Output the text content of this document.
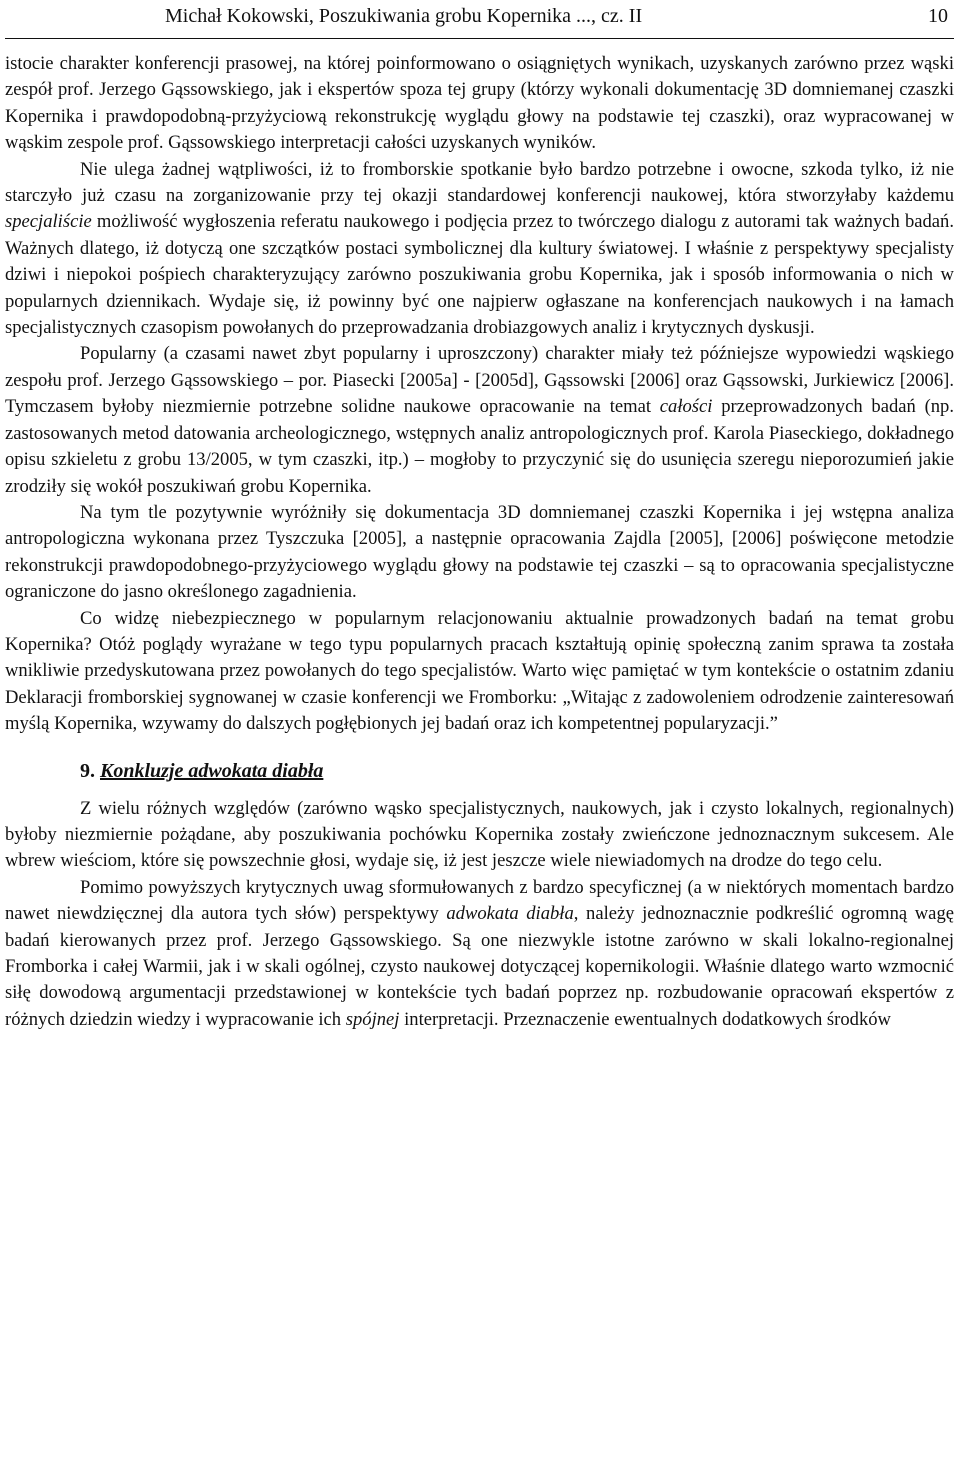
Michał Kokowski, Poszukiwania grobu Kopernika ..., cz. II	10

istocie charakter konferencji prasowej, na której poinformowano o osiągniętych wynikach, uzyskanych zarówno przez wąski zespół prof. Jerzego Gąssowskiego, jak i ekspertów spoza tej grupy (którzy wykonali dokumentację 3D domniemanej czaszki Kopernika i prawdopodobną-przyżyciową rekonstrukcję wyglądu głowy na podstawie tej czaszki), oraz wypracowanej w wąskim zespole prof. Gąssowskiego interpretacji całości uzyskanych wyników.

Nie ulega żadnej wątpliwości, iż to fromborskie spotkanie było bardzo potrzebne i owocne, szkoda tylko, iż nie starczyło już czasu na zorganizowanie przy tej okazji standardowej konferencji naukowej, która stworzyłaby każdemu specjaliście możliwość wygłoszenia referatu naukowego i podjęcia przez to twórczego dialogu z autorami tak ważnych badań. Ważnych dlatego, iż dotyczą one szczątków postaci symbolicznej dla kultury światowej. I właśnie z perspektywy specjalisty dziwi i niepokoi pośpiech charakteryzujący zarówno poszukiwania grobu Kopernika, jak i sposób informowania o nich w popularnych dziennikach. Wydaje się, iż powinny być one najpierw ogłaszane na konferencjach naukowych i na łamach specjalistycznych czasopism powołanych do przeprowadzania drobiazgowych analiz i krytycznych dyskusji.

Popularny (a czasami nawet zbyt popularny i uproszczony) charakter miały też późniejsze wypowiedzi wąskiego zespołu prof. Jerzego Gąssowskiego – por. Piasecki [2005a] - [2005d], Gąssowski [2006] oraz Gąssowski, Jurkiewicz [2006]. Tymczasem byłoby niezmiernie potrzebne solidne naukowe opracowanie na temat całości przeprowadzonych badań (np. zastosowanych metod datowania archeologicznego, wstępnych analiz antropologicznych prof. Karola Piaseckiego, dokładnego opisu szkieletu z grobu 13/2005, w tym czaszki, itp.) – mogłoby to przyczynić się do usunięcia szeregu nieporozumień jakie zrodziły się wokół poszukiwań grobu Kopernika.

Na tym tle pozytywnie wyróżniły się dokumentacja 3D domniemanej czaszki Kopernika i jej wstępna analiza antropologiczna wykonana przez Tyszczuka [2005], a następnie opracowania Zajdla [2005], [2006] poświęcone metodzie rekonstrukcji prawdopodobnego-przyżyciowego wyglądu głowy na podstawie tej czaszki – są to opracowania specjalistyczne ograniczone do jasno określonego zagadnienia.

Co widzę niebezpiecznego w popularnym relacjonowaniu aktualnie prowadzonych badań na temat grobu Kopernika? Otóż poglądy wyrażane w tego typu popularnych pracach kształtują opinię społeczną zanim sprawa ta została wnikliwie przedyskutowana przez powołanych do tego specjalistów. Warto więc pamiętać w tym kontekście o ostatnim zdaniu Deklaracji fromborskiej sygnowanej w czasie konferencji we Fromborku: „Witając z zadowoleniem odrodzenie zainteresowań myślą Kopernika, wzywamy do dalszych pogłębionych jej badań oraz ich kompetentnej popularyzacji.”

9. Konkluzje adwokata diabła

Z wielu różnych względów (zarówno wąsko specjalistycznych, naukowych, jak i czysto lokalnych, regionalnych) byłoby niezmiernie pożądane, aby poszukiwania pochówku Kopernika zostały zwieńczone jednoznacznym sukcesem. Ale wbrew wieściom, które się powszechnie głosi, wydaje się, iż jest jeszcze wiele niewiadomych na drodze do tego celu.

Pomimo powyższych krytycznych uwag sformułowanych z bardzo specyficznej (a w niektórych momentach bardzo nawet niewdzięcznej dla autora tych słów) perspektywy adwokata diabła, należy jednoznacznie podkreślić ogromną wagę badań kierowanych przez prof. Jerzego Gąssowskiego. Są one niezwykle istotne zarówno w skali lokalno-regionalnej Fromborka i całej Warmii, jak i w skali ogólnej, czysto naukowej dotyczącej kopernikologii. Właśnie dlatego warto wzmocnić siłę dowodową argumentacji przedstawionej w kontekście tych badań poprzez np. rozbudowanie opracowań ekspertów z różnych dziedzin wiedzy i wypracowanie ich spójnej interpretacji. Przeznaczenie ewentualnych dodatkowych środków
